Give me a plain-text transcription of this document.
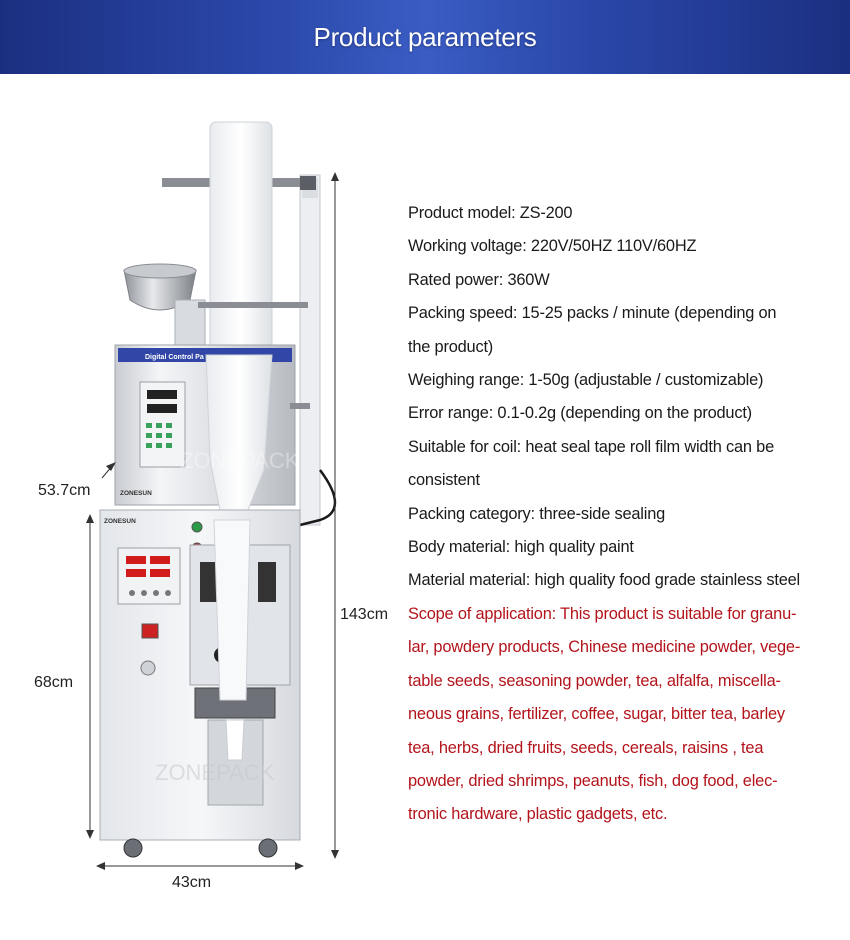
Product parameters
Digital Control Pa
ZONESUN
ZONESUN
ZONEPACK
ZONEPACK
53.7cm
143cm
68cm
43cm
Product model: ZS-200
Working voltage: 220V/50HZ 110V/60HZ
Rated power: 360W
Packing speed: 15-25 packs / minute (depending on
the product)
Weighing range: 1-50g (adjustable / customizable)
Error range: 0.1-0.2g (depending on the product)
Suitable for coil: heat seal tape roll film width can be
consistent
Packing category: three-side sealing
Body material: high quality paint
Material material: high quality food grade stainless steel
Scope of application: This product is suitable for granu-
lar, powdery products, Chinese medicine powder, vege-
table seeds, seasoning powder, tea, alfalfa, miscella-
neous grains, fertilizer, coffee, sugar, bitter tea, barley
tea, herbs, dried fruits, seeds, cereals, raisins , tea
powder, dried shrimps, peanuts, fish, dog food, elec-
tronic hardware, plastic gadgets, etc.
